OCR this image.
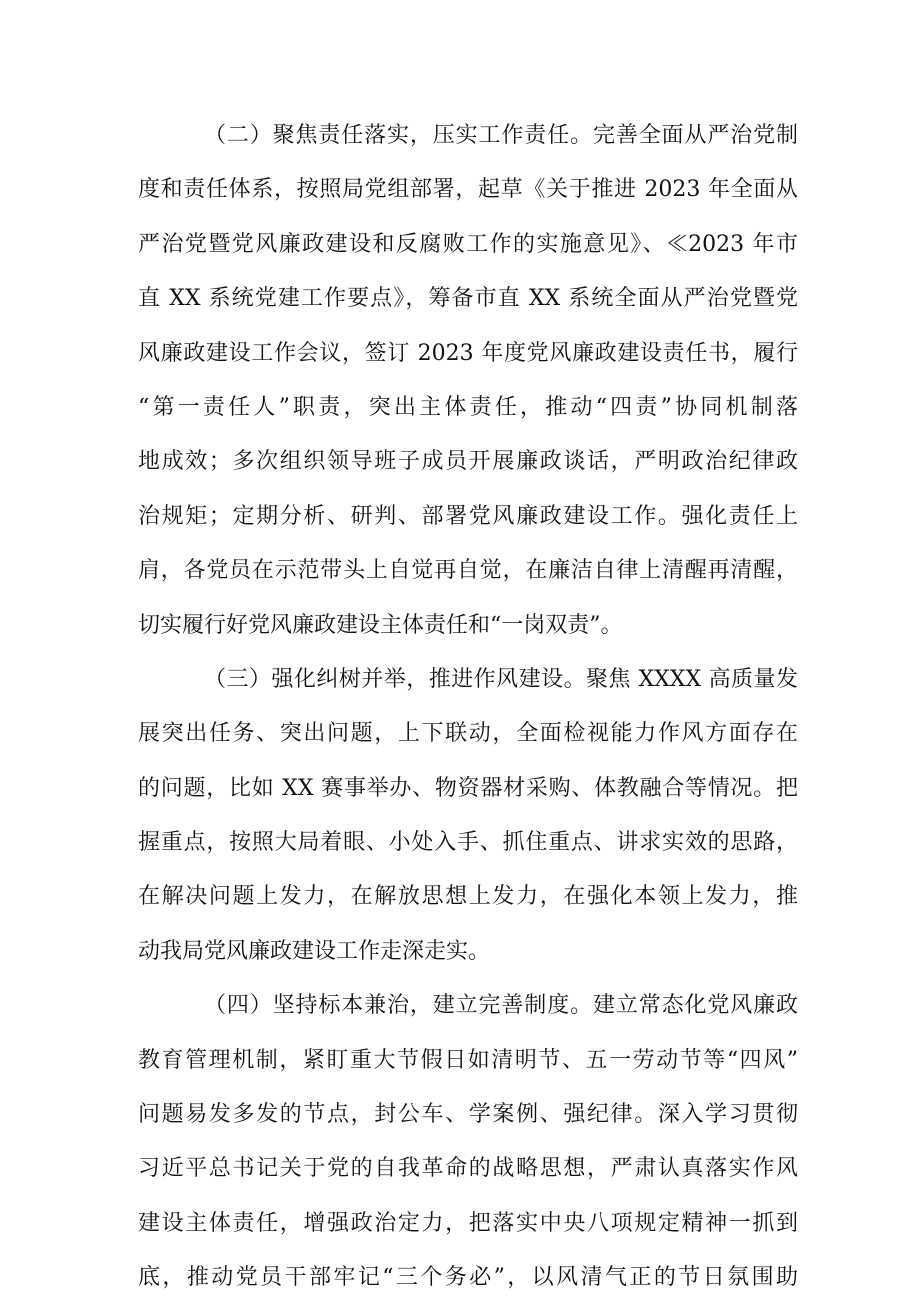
（二）聚焦责任落实，压实工作责任。完善全面从严治党制
度和责任体系，按照局党组部署，起草《关于推进 2023 年全面从
严治党暨党风廉政建设和反腐败工作的实施意见》、≪2023 年市
直 XX 系统党建工作要点》，筹备市直 XX 系统全面从严治党暨党
风廉政建设工作会议，签订 2023 年度党风廉政建设责任书，履行
“第一责任人”职责，突出主体责任，推动“四责”协同机制落
地成效；多次组织领导班子成员开展廉政谈话，严明政治纪律政
治规矩；定期分析、研判、部署党风廉政建设工作。强化责任上
肩，各党员在示范带头上自觉再自觉，在廉洁自律上清醒再清醒，
切实履行好党风廉政建设主体责任和“一岗双责”。
（三）强化纠树并举，推进作风建设。聚焦 XXXX 高质量发
展突出任务、突出问题，上下联动，全面检视能力作风方面存在
的问题，比如 XX 赛事举办、物资器材采购、体教融合等情况。把
握重点，按照大局着眼、小处入手、抓住重点、讲求实效的思路，
在解决问题上发力，在解放思想上发力，在强化本领上发力，推
动我局党风廉政建设工作走深走实。
（四）坚持标本兼治，建立完善制度。建立常态化党风廉政
教育管理机制，紧盯重大节假日如清明节、五一劳动节等“四风”
问题易发多发的节点，封公车、学案例、强纪律。深入学习贯彻
习近平总书记关于党的自我革命的战略思想，严肃认真落实作风
建设主体责任，增强政治定力，把落实中央八项规定精神一抓到
底，推动党员干部牢记“三个务必”，以风清气正的节日氛围助
